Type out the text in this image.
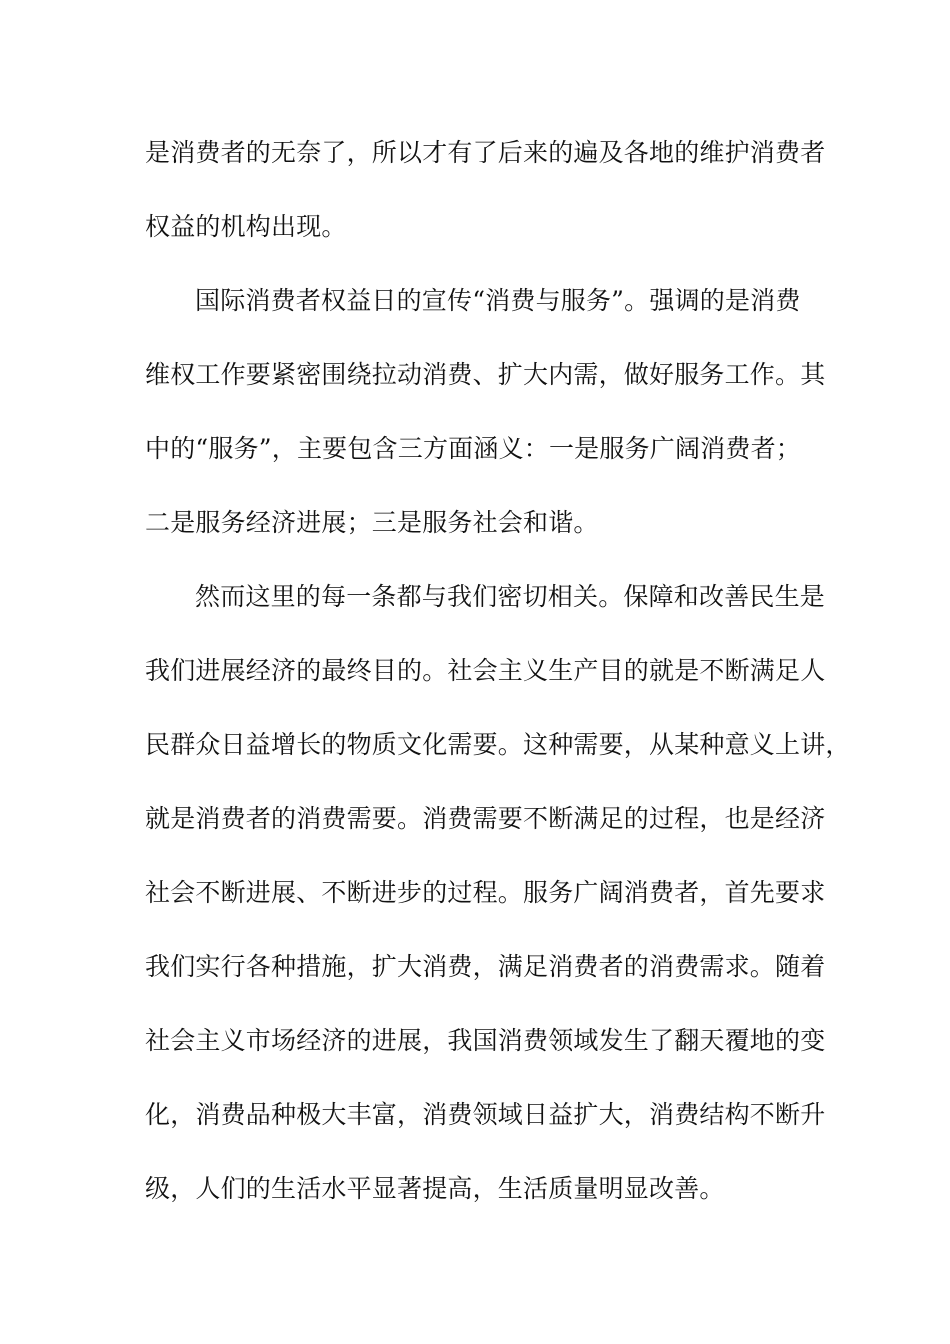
是消费者的无奈了，所以才有了后来的遍及各地的维护消费者
权益的机构出现。
国际消费者权益日的宣传“消费与服务”。强调的是消费
维权工作要紧密围绕拉动消费、扩大内需，做好服务工作。其
中的“服务”，主要包含三方面涵义：一是服务广阔消费者；
二是服务经济进展；三是服务社会和谐。
然而这里的每一条都与我们密切相关。保障和改善民生是
我们进展经济的最终目的。社会主义生产目的就是不断满足人
民群众日益增长的物质文化需要。这种需要，从某种意义上讲，
就是消费者的消费需要。消费需要不断满足的过程，也是经济
社会不断进展、不断进步的过程。服务广阔消费者，首先要求
我们实行各种措施，扩大消费，满足消费者的消费需求。随着
社会主义市场经济的进展，我国消费领域发生了翻天覆地的变
化，消费品种极大丰富，消费领域日益扩大，消费结构不断升
级，人们的生活水平显著提高，生活质量明显改善。
